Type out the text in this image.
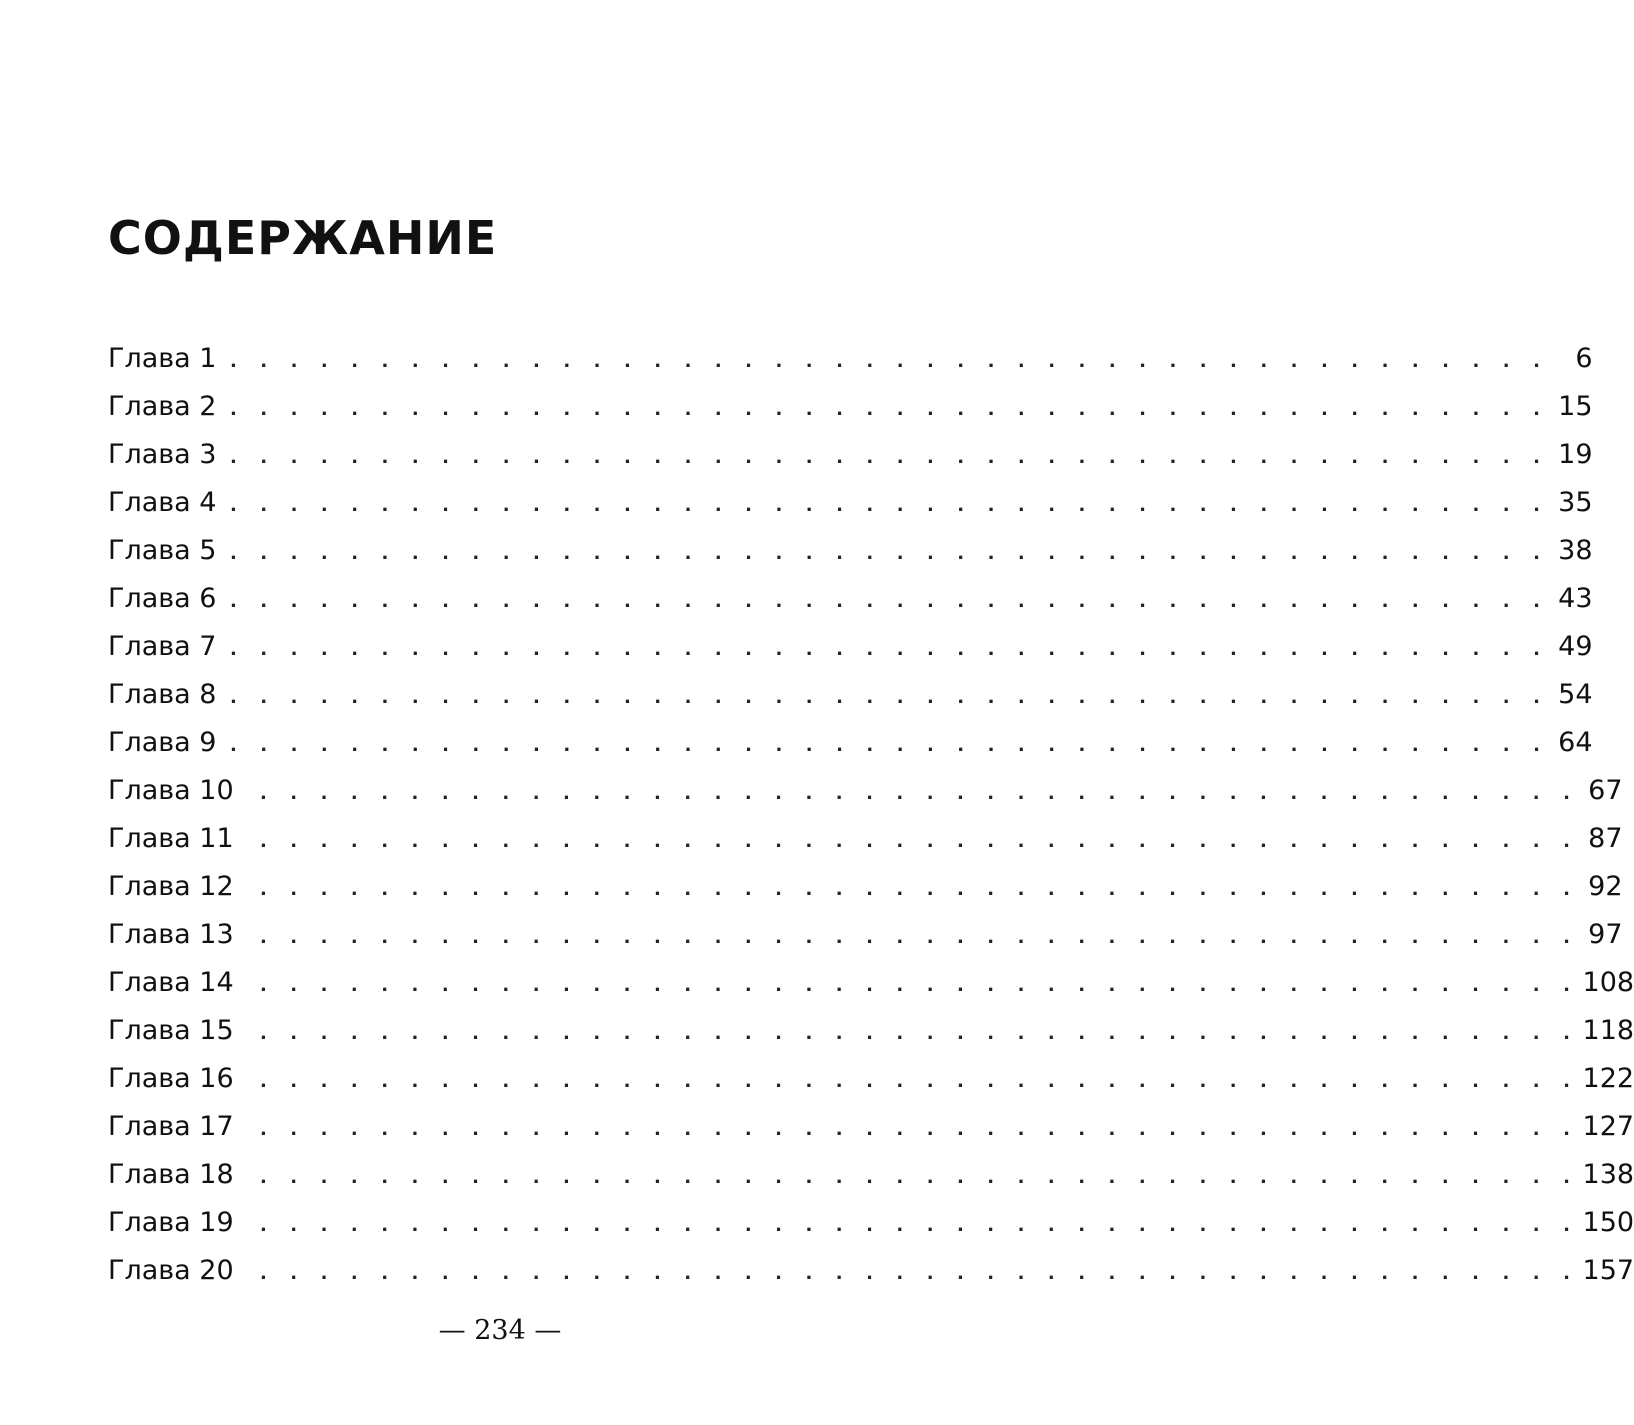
СОДЕРЖАНИЕ
Глава 1 . . . . . . . . . . . . . . . . . . . . . . . . . . . . . . . . . . . . . . . . . . . . 6
Глава 2 . . . . . . . . . . . . . . . . . . . . . . . . . . . . . . . . . . . . . . . . . . . . 15
Глава 3 . . . . . . . . . . . . . . . . . . . . . . . . . . . . . . . . . . . . . . . . . . . . 19
Глава 4 . . . . . . . . . . . . . . . . . . . . . . . . . . . . . . . . . . . . . . . . . . . . 35
Глава 5 . . . . . . . . . . . . . . . . . . . . . . . . . . . . . . . . . . . . . . . . . . . . 38
Глава 6 . . . . . . . . . . . . . . . . . . . . . . . . . . . . . . . . . . . . . . . . . . . . 43
Глава 7 . . . . . . . . . . . . . . . . . . . . . . . . . . . . . . . . . . . . . . . . . . . . 49
Глава 8 . . . . . . . . . . . . . . . . . . . . . . . . . . . . . . . . . . . . . . . . . . . . 54
Глава 9 . . . . . . . . . . . . . . . . . . . . . . . . . . . . . . . . . . . . . . . . . . . . 64
Глава 10	. . . . . . . . . . . . . . . . . . . . . . . . . . . . . . . . . . . . . . . . . . . . 67
Глава 11	. . . . . . . . . . . . . . . . . . . . . . . . . . . . . . . . . . . . . . . . . . . . 87
Глава 12	. . . . . . . . . . . . . . . . . . . . . . . . . . . . . . . . . . . . . . . . . . . . 92
Глава 13	. . . . . . . . . . . . . . . . . . . . . . . . . . . . . . . . . . . . . . . . . . . . 97
Глава 14	. . . . . . . . . . . . . . . . . . . . . . . . . . . . . . . . . . . . . . . . . . . . 108
Глава 15	. . . . . . . . . . . . . . . . . . . . . . . . . . . . . . . . . . . . . . . . . . . . 118
Глава 16	. . . . . . . . . . . . . . . . . . . . . . . . . . . . . . . . . . . . . . . . . . . . 122
Глава 17	. . . . . . . . . . . . . . . . . . . . . . . . . . . . . . . . . . . . . . . . . . . . 127
Глава 18	. . . . . . . . . . . . . . . . . . . . . . . . . . . . . . . . . . . . . . . . . . . . 138
Глава 19	. . . . . . . . . . . . . . . . . . . . . . . . . . . . . . . . . . . . . . . . . . . . 150
Глава 20	. . . . . . . . . . . . . . . . . . . . . . . . . . . . . . . . . . . . . . . . . . . . 157
— 234 —
